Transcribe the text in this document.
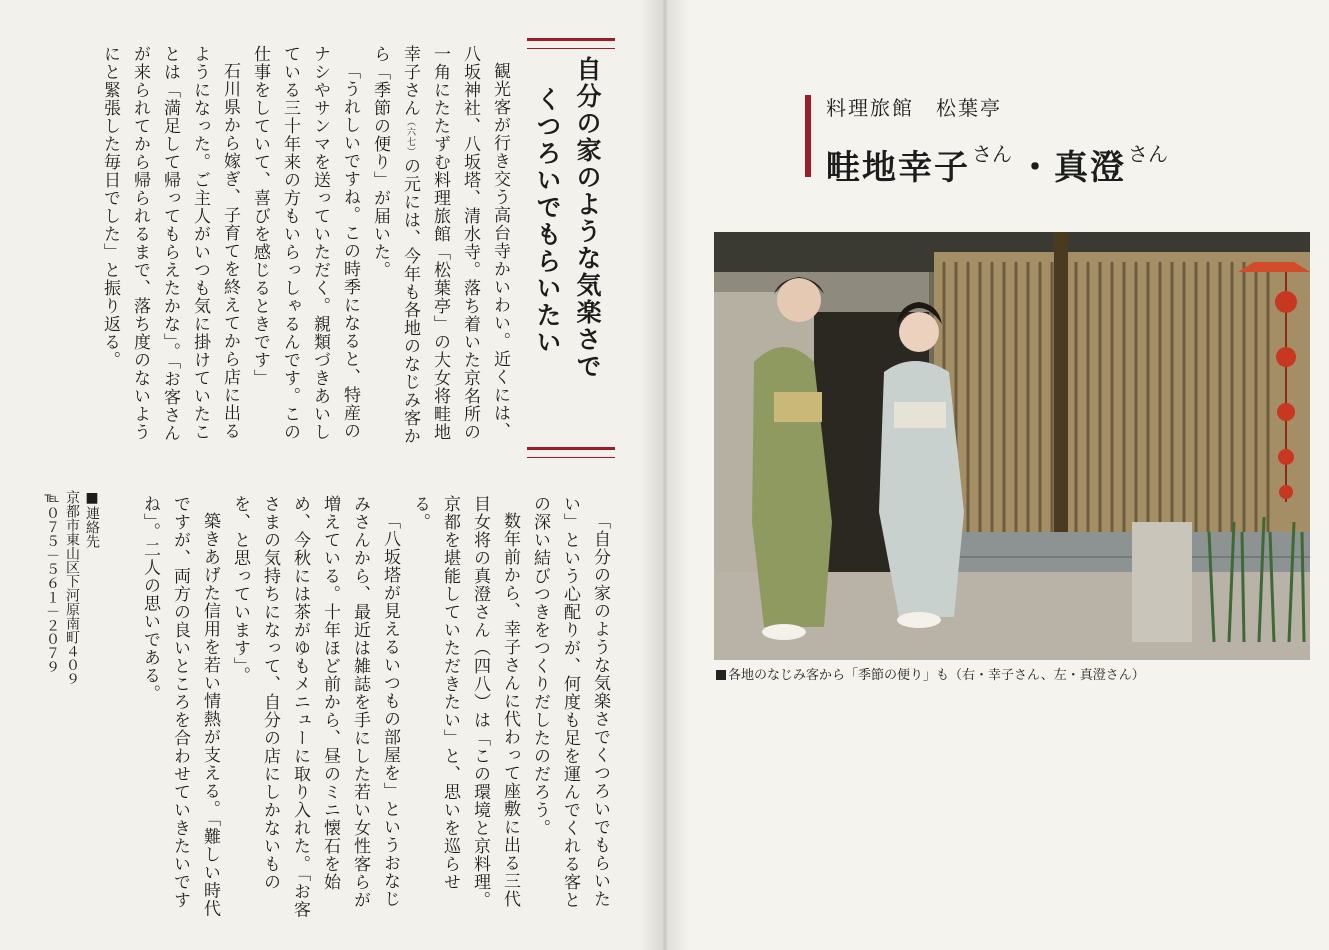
観光客が行き交う高台寺かいわい。近くには、八坂神社、八坂塔、清水寺。落ち着いた京名所の一角にたたずむ料理旅館「松葉亭」の大女将畦地幸子さん（六七）の元には、今年も各地のなじみ客から「季節の便り」が届いた。

「うれしいですね。この時季になると、特産のナシやサンマを送っていただく。親類づきあいしている三十年来の方もいらっしゃるんです。この仕事をしていて、喜びを感じるときです」

石川県から嫁ぎ、子育てを終えてから店に出るようになった。ご主人がいつも気に掛けていたことは「満足して帰ってもらえたかな」。「お客さんが来られてから帰られるまで、落ち度のないようにと緊張した毎日でした」と振り返る。	自分の家のような気楽さで
くつろいでもらいたい

「自分の家のような気楽さでくつろいでもらいたい」という心配りが、何度も足を運んでくれる客との深い結びつきをつくりだしたのだろう。

数年前から、幸子さんに代わって座敷に出る三代目女将の真澄さん（四八）は「この環境と京料理。京都を堪能していただきたい」と、思いを巡らせる。

「八坂塔が見えるいつもの部屋を」というおなじみさんから、最近は雑誌を手にした若い女性客らが増えている。十年ほど前から、昼のミニ懐石を始め、今秋には茶がゆもメニューに取り入れた。「お客さまの気持ちになって、自分の店にしかないものを、と思っています」。

築きあげた信用を若い情熱が支える。「難しい時代ですが、両方の良いところを合わせていきたいですね」。二人の思いである。

■連絡先
京都市東山区下河原南町４０９
℡０７５－５６１－２０７９
料理旅館　松葉亭
畦地幸子 $^{さん}$ ・真澄 $^{さん}$
各地のなじみ客から「季節の便り」も（右・幸子さん、左・真澄さん）
